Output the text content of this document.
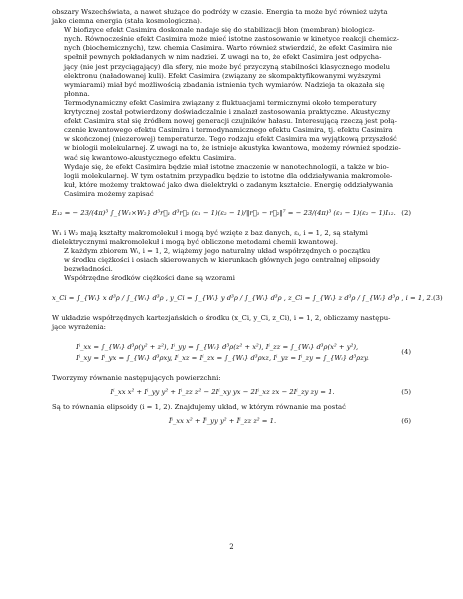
obszary Wszechświata, a nawet służące do podróży w czasie. Energia ta może być również użyta
jako ciemna energia (stała kosmologiczna).

W biofizyce efekt Casimira doskonale nadaje się do stabilizacji błon (membran) biologicz-
nych. Równocześnie efekt Casimira może mieć istotne zastosowanie w kinetyce reakcji chemicz-
nych (biochemicznych), tzw. chemia Casimira. Warto również stwierdzić, że efekt Casimira nie
spełnił pewnych pokładanych w nim nadziei. Z uwagi na to, że efekt Casimira jest odpycha-
jący (nie jest przyciągający) dla sfery, nie może być przyczyną stabilności klasycznego modelu
elektronu (naładowanej kuli). Efekt Casimira (związany ze skompaktyfikowanymi wyższymi
wymiarami) miał być możliwością zbadania istnienia tych wymiarów. Nadzieja ta okazała się
płonna.

Termodynamiczny efekt Casimira związany z fluktuacjami termicznymi około temperatury
krytycznej został potwierdzony doświadczalnie i znalazł zastosowania praktyczne. Akustyczny
efekt Casimira stał się źródłem nowej generacji czujników hałasu. Interesującą rzeczą jest połą-
czenie kwantowego efektu Casimira i termodynamicznego efektu Casimira, tj. efektu Casimira
w skończonej (niezerowej) temperaturze. Tego rodzaju efekt Casimira ma wyjątkową przyszłość
w biologii molekularnej. Z uwagi na to, że istnieje akustyka kwantowa, możemy również spodzie-
wać się kwantowo-akustycznego efektu Casimira.

Wydaje się, że efekt Casimira będzie miał istotne znaczenie w nanotechnologii, a także w bio-
logii molekularnej. W tym ostatnim przypadku będzie to istotne dla oddziaływania makromole-
kuł, które możemy traktować jako dwa dielektryki o zadanym kształcie. Energię oddziaływania
Casimira możemy zapisać

E₁₂ = − 23/(4π)³ ∫_{W₁×W₂} d³r⃗₁ d³r⃗₂ (ε₁ − 1)(ε₂ − 1)/‖r⃗₁ − r⃗₂‖⁷ = − 23/(4π)³ (ε₁ − 1)(ε₂ − 1)I₁₂. (2)

W₁ i W₂ mają kształty makromolekuł i mogą być wzięte z baz danych, εᵢ, i = 1, 2, są stałymi
dielektrycznymi makromolekuł i mogą być obliczone metodami chemii kwantowej.

Z każdym zbiorem Wᵢ, i = 1, 2, wiążemy jego naturalny układ współrzędnych o początku
w środku ciężkości i osiach skierowanych w kierunkach głównych jego centralnej elipsoidy
bezwładności.

Współrzędne środków ciężkości dane są wzorami

x_Ci = ∫_{Wᵢ} x d³ρ / ∫_{Wᵢ} d³ρ , y_Ci = ∫_{Wᵢ} y d³ρ / ∫_{Wᵢ} d³ρ , z_Ci = ∫_{Wᵢ} z d³ρ / ∫_{Wᵢ} d³ρ , i = 1, 2. (3)

W układzie współrzędnych kartezjańskich o środku (x_Ci, y_Ci, z_Ci), i = 1, 2, obliczamy następu-
jące wyrażenia:

Iⁱ_xx = ∫_{Wᵢ} d³ρ(y² + z²), Iⁱ_yy = ∫_{Wᵢ} d³ρ(z² + x²), Iⁱ_zz = ∫_{Wᵢ} d³ρ(x² + y²),
Iⁱ_xy = Iⁱ_yx = ∫_{Wᵢ} d³ρxy, Iⁱ_xz = Iⁱ_zx = ∫_{Wᵢ} d³ρxz, Iⁱ_yz = Iⁱ_zy = ∫_{Wᵢ} d³ρzy.
(4)

Tworzymy równanie następujących powierzchni:

Iⁱ_xx x² + Iⁱ_yy y² + Iⁱ_zz z² − 2Iⁱ_xy yx − 2Iⁱ_xz zx − 2Iⁱ_zy zy = 1.	(5)

Są to równania elipsoidy (i = 1, 2). Znajdujemy układ, w którym równanie ma postać

Ĩⁱ_xx x² + Ĩⁱ_yy y² + Ĩⁱ_zz z² = 1.	(6)
2
